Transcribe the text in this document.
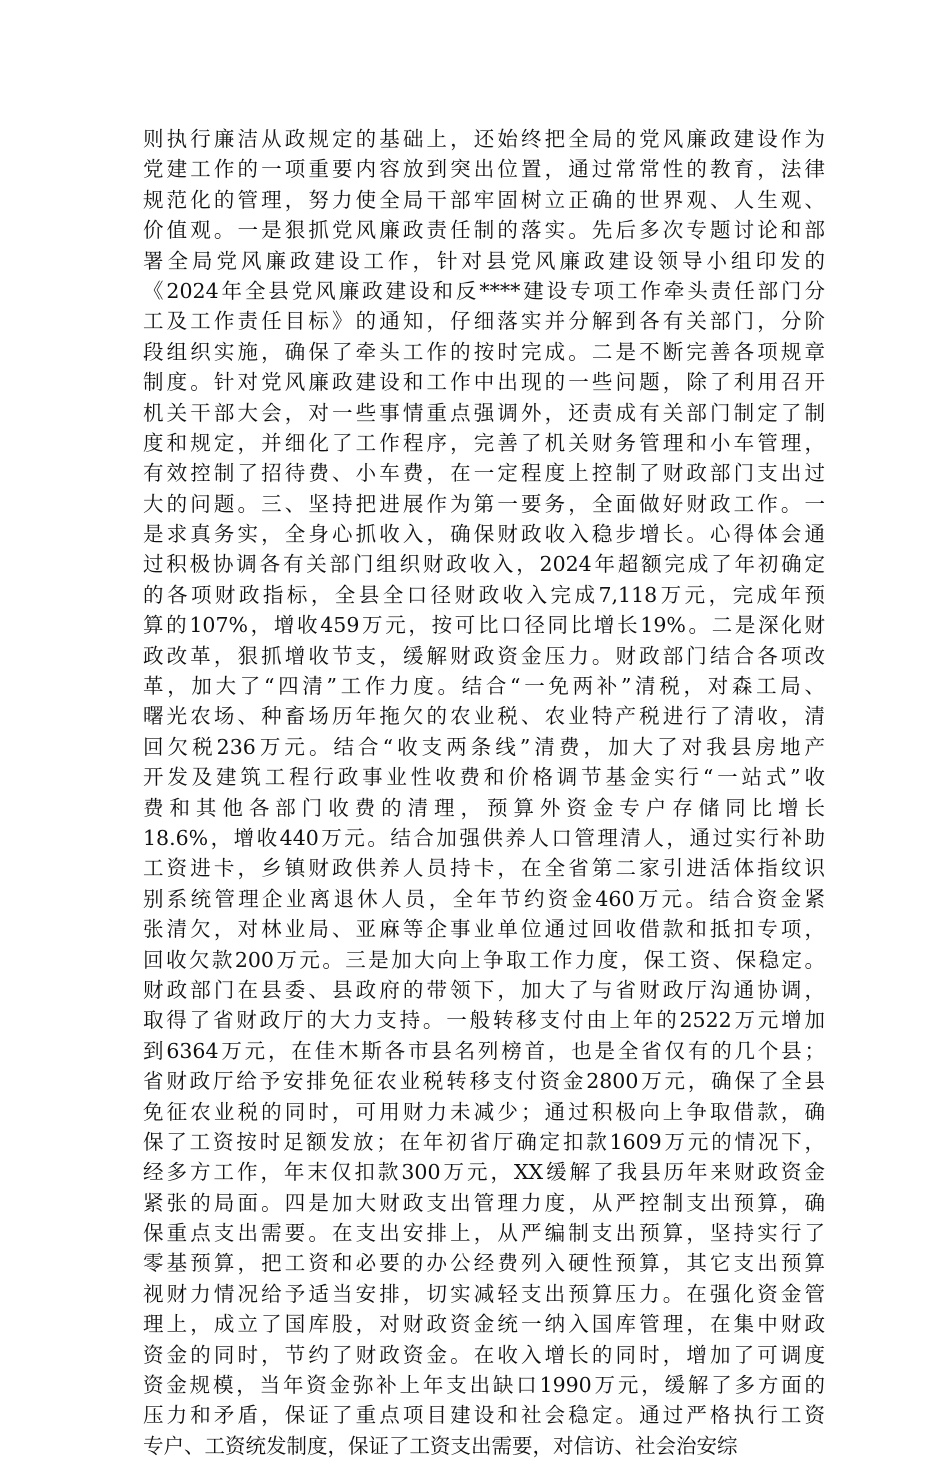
则执行廉洁从政规定的基础上，还始终把全局的党风廉政建设作为
党建工作的一项重要内容放到突出位置，通过常常性的教育，法律
规范化的管理，努力使全局干部牢固树立正确的世界观、人生观、
价值观。一是狠抓党风廉政责任制的落实。先后多次专题讨论和部
署全局党风廉政建设工作，针对县党风廉政建设领导小组印发的
《2024年全县党风廉政建设和反****建设专项工作牵头责任部门分
工及工作责任目标》的通知，仔细落实并分解到各有关部门，分阶
段组织实施，确保了牵头工作的按时完成。二是不断完善各项规章
制度。针对党风廉政建设和工作中出现的一些问题，除了利用召开
机关干部大会，对一些事情重点强调外，还责成有关部门制定了制
度和规定，并细化了工作程序，完善了机关财务管理和小车管理，
有效控制了招待费、小车费，在一定程度上控制了财政部门支出过
大的问题。三、坚持把进展作为第一要务，全面做好财政工作。一
是求真务实，全身心抓收入，确保财政收入稳步增长。心得体会通
过积极协调各有关部门组织财政收入，2024年超额完成了年初确定
的各项财政指标，全县全口径财政收入完成7,118万元，完成年预
算的107%，增收459万元，按可比口径同比增长19%。二是深化财
政改革，狠抓增收节支，缓解财政资金压力。财政部门结合各项改
革，加大了“四清”工作力度。结合“一免两补”清税，对森工局、
曙光农场、种畜场历年拖欠的农业税、农业特产税进行了清收，清
回欠税236万元。结合“收支两条线”清费，加大了对我县房地产
开发及建筑工程行政事业性收费和价格调节基金实行“一站式”收
费和其他各部门收费的清理，预算外资金专户存储同比增长
18.6%，增收440万元。结合加强供养人口管理清人，通过实行补助
工资进卡，乡镇财政供养人员持卡，在全省第二家引进活体指纹识
别系统管理企业离退休人员，全年节约资金460万元。结合资金紧
张清欠，对林业局、亚麻等企事业单位通过回收借款和抵扣专项，
回收欠款200万元。三是加大向上争取工作力度，保工资、保稳定。
财政部门在县委、县政府的带领下，加大了与省财政厅沟通协调，
取得了省财政厅的大力支持。一般转移支付由上年的2522万元增加
到6364万元，在佳木斯各市县名列榜首，也是全省仅有的几个县；
省财政厅给予安排免征农业税转移支付资金2800万元，确保了全县
免征农业税的同时，可用财力未减少；通过积极向上争取借款，确
保了工资按时足额发放；在年初省厅确定扣款1609万元的情况下，
经多方工作，年末仅扣款300万元，XX缓解了我县历年来财政资金
紧张的局面。四是加大财政支出管理力度，从严控制支出预算，确
保重点支出需要。在支出安排上，从严编制支出预算，坚持实行了
零基预算，把工资和必要的办公经费列入硬性预算，其它支出预算
视财力情况给予适当安排，切实减轻支出预算压力。在强化资金管
理上，成立了国库股，对财政资金统一纳入国库管理，在集中财政
资金的同时，节约了财政资金。在收入增长的同时，增加了可调度
资金规模，当年资金弥补上年支出缺口1990万元，缓解了多方面的
压力和矛盾，保证了重点项目建设和社会稳定。通过严格执行工资
专户、工资统发制度，保证了工资支出需要，对信访、社会治安综
